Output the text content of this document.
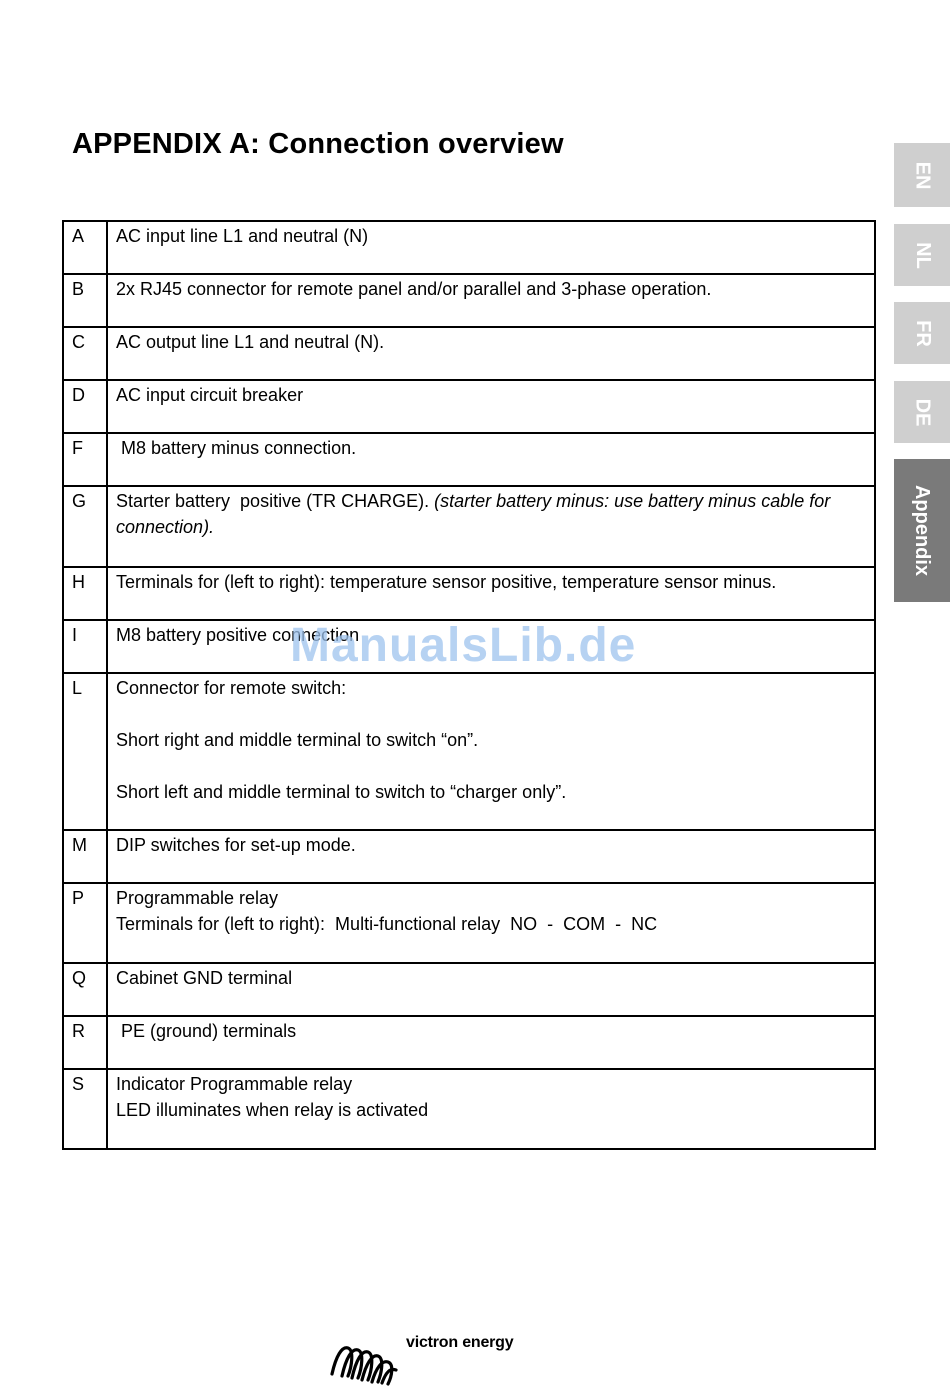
APPENDIX A: Connection overview
EN
NL
FR
DE
Appendix
A	AC input line L1 and neutral (N)

B	2x RJ45 connector for remote panel and/or parallel and 3-phase operation.

C	AC output line L1 and neutral (N).

D	AC input circuit breaker

F	M8 battery minus connection.

G	Starter battery  positive (TR CHARGE). (starter battery minus: use battery minus cable for connection).

H	Terminals for (left to right): temperature sensor positive, temperature sensor minus.

I	M8 battery positive connection

L	Connector for remote switch:
Short right and middle terminal to switch “on”.
Short left and middle terminal to switch to “charger only”.

M	DIP switches for set-up mode.

P	Programmable relay
Terminals for (left to right):  Multi-functional relay  NO  -  COM  -  NC

Q	Cabinet GND terminal

R	PE (ground) terminals

S	Indicator Programmable relay
LED illuminates when relay is activated
ManualsLib.de
victron energy
